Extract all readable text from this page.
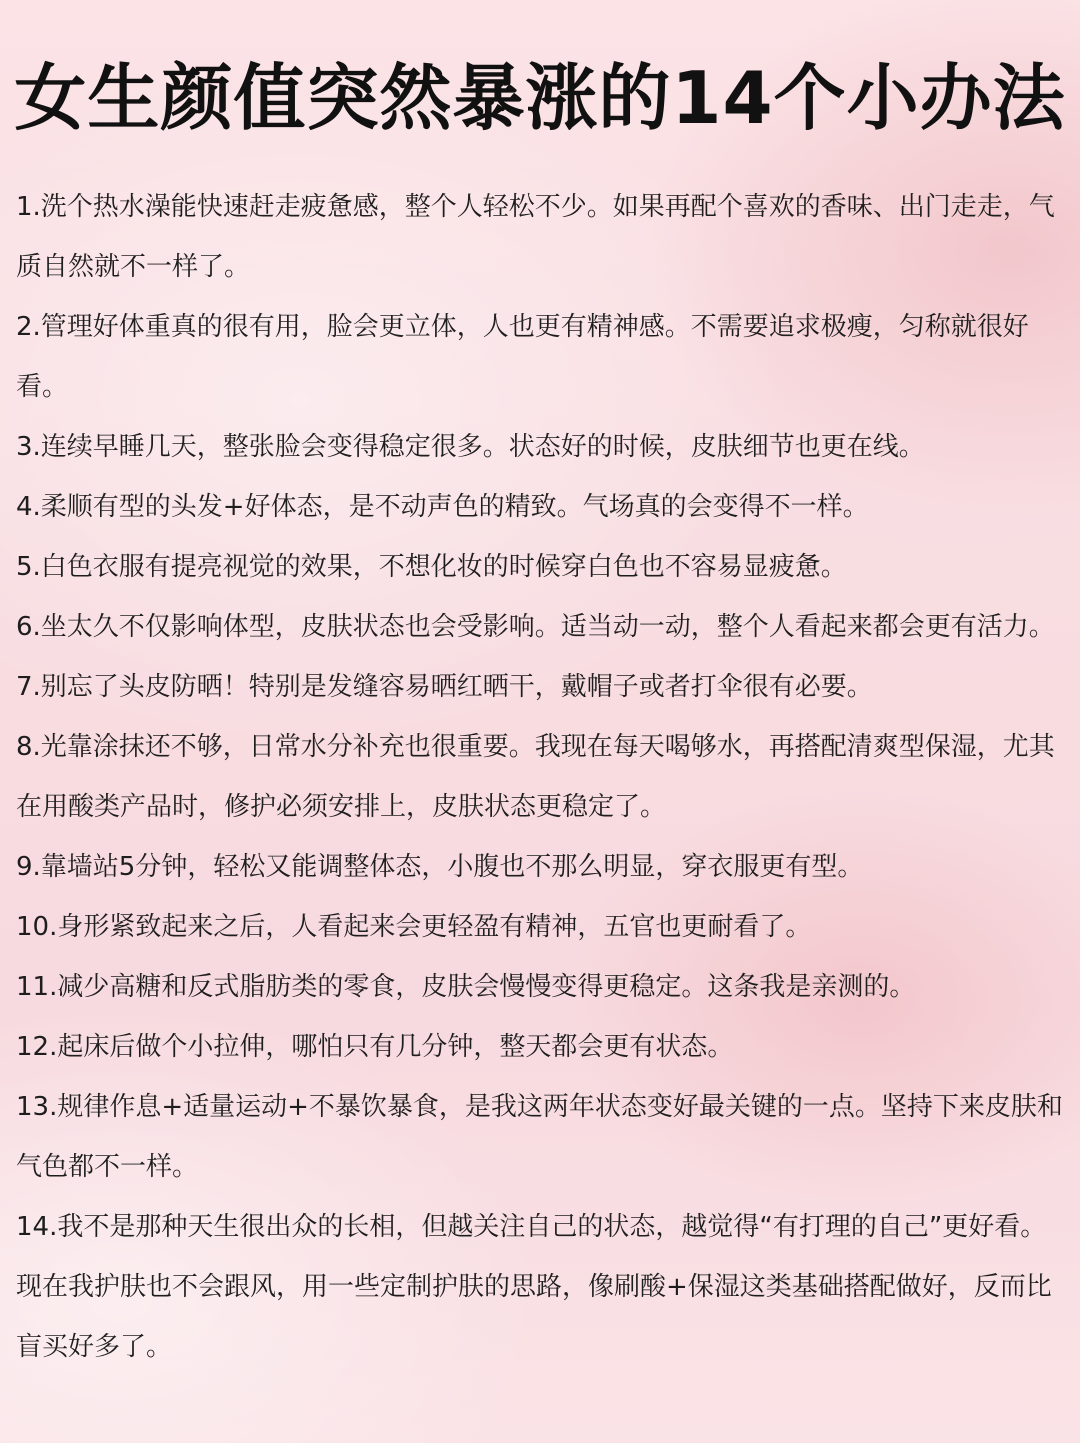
女生颜值突然暴涨的14个小办法

1.洗个热水澡能快速赶走疲惫感，整个人轻松不少。如果再配个喜欢的香味、出门走走，气质自然就不一样了。

2.管理好体重真的很有用，脸会更立体，人也更有精神感。不需要追求极瘦，匀称就很好看。

3.连续早睡几天，整张脸会变得稳定很多。状态好的时候，皮肤细节也更在线。

4.柔顺有型的头发+好体态，是不动声色的精致。气场真的会变得不一样。

5.白色衣服有提亮视觉的效果，不想化妆的时候穿白色也不容易显疲惫。

6.坐太久不仅影响体型，皮肤状态也会受影响。适当动一动，整个人看起来都会更有活力。

7.别忘了头皮防晒！特别是发缝容易晒红晒干，戴帽子或者打伞很有必要。

8.光靠涂抹还不够，日常水分补充也很重要。我现在每天喝够水，再搭配清爽型保湿，尤其在用酸类产品时，修护必须安排上，皮肤状态更稳定了。

9.靠墙站5分钟，轻松又能调整体态，小腹也不那么明显，穿衣服更有型。

10.身形紧致起来之后，人看起来会更轻盈有精神，五官也更耐看了。

11.减少高糖和反式脂肪类的零食，皮肤会慢慢变得更稳定。这条我是亲测的。

12.起床后做个小拉伸，哪怕只有几分钟，整天都会更有状态。

13.规律作息+适量运动+不暴饮暴食，是我这两年状态变好最关键的一点。坚持下来皮肤和气色都不一样。

14.我不是那种天生很出众的长相，但越关注自己的状态，越觉得“有打理的自己”更好看。现在我护肤也不会跟风，用一些定制护肤的思路，像刷酸+保湿这类基础搭配做好，反而比盲买好多了。
